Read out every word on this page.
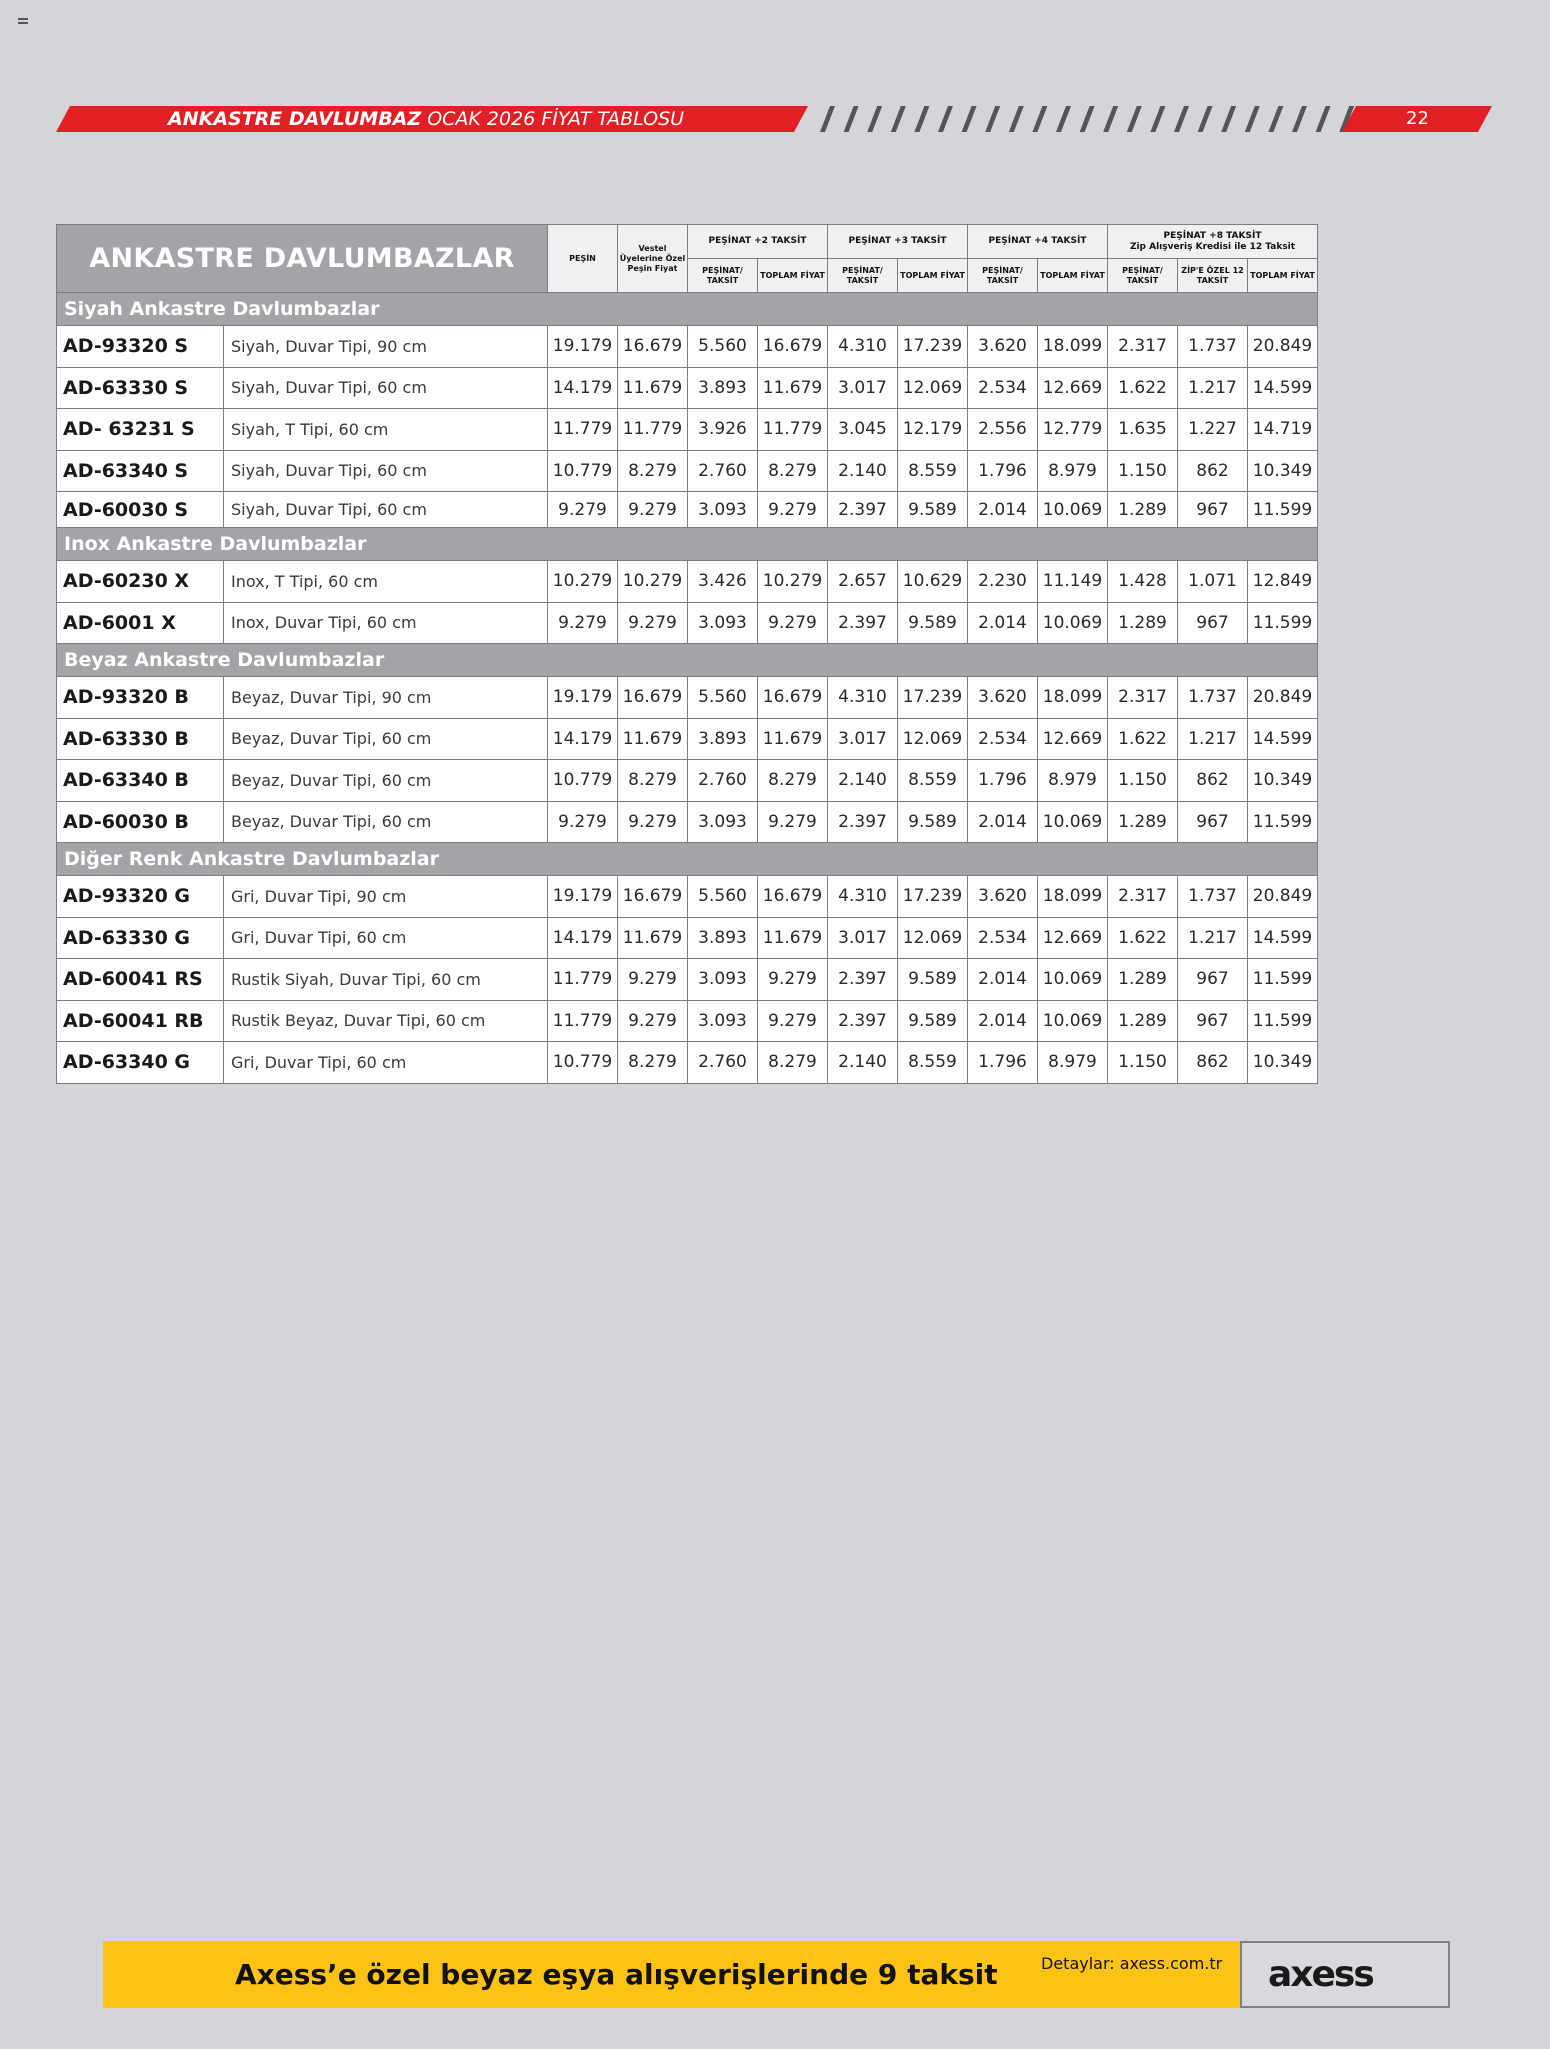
ANKASTRE DAVLUMBAZ OCAK 2026 FİYAT TABLOSU	22
ANKASTRE DAVLUMBAZLAR		PEŞİN	Vestel Üyelerine Özel Peşin Fiyat	PEŞİNAT +2 TAKSİT		PEŞİNAT +3 TAKSİT		PEŞİNAT +4 TAKSİT		PEŞİNAT +8 TAKSİT
Zip Alışveriş Kredisi ile 12 Taksit		

				PEŞİNAT/ TAKSİT	TOPLAM FİYAT	PEŞİNAT/ TAKSİT	TOPLAM FİYAT	PEŞİNAT/ TAKSİT	TOPLAM FİYAT	PEŞİNAT/ TAKSİT	ZİP'E ÖZEL 12 TAKSİT	TOPLAM FİYAT
Siyah Ankastre Davlumbazlar												
AD-93320 S	Siyah, Duvar Tipi, 90 cm	19.179	16.679	5.560	16.679	4.310	17.239	3.620	18.099	2.317	1.737	20.849
AD-63330 S	Siyah, Duvar Tipi, 60 cm	14.179	11.679	3.893	11.679	3.017	12.069	2.534	12.669	1.622	1.217	14.599
AD- 63231 S	Siyah, T Tipi, 60 cm	11.779	11.779	3.926	11.779	3.045	12.179	2.556	12.779	1.635	1.227	14.719
AD-63340 S	Siyah, Duvar Tipi, 60 cm	10.779	8.279	2.760	8.279	2.140	8.559	1.796	8.979	1.150	862	10.349
AD-60030 S	Siyah, Duvar Tipi, 60 cm	9.279	9.279	3.093	9.279	2.397	9.589	2.014	10.069	1.289	967	11.599
Inox Ankastre Davlumbazlar												
AD-60230 X	Inox, T Tipi, 60 cm	10.279	10.279	3.426	10.279	2.657	10.629	2.230	11.149	1.428	1.071	12.849
AD-6001 X	Inox, Duvar Tipi, 60 cm	9.279	9.279	3.093	9.279	2.397	9.589	2.014	10.069	1.289	967	11.599
Beyaz Ankastre Davlumbazlar												
AD-93320 B	Beyaz, Duvar Tipi, 90 cm	19.179	16.679	5.560	16.679	4.310	17.239	3.620	18.099	2.317	1.737	20.849
AD-63330 B	Beyaz, Duvar Tipi, 60 cm	14.179	11.679	3.893	11.679	3.017	12.069	2.534	12.669	1.622	1.217	14.599
AD-63340 B	Beyaz, Duvar Tipi, 60 cm	10.779	8.279	2.760	8.279	2.140	8.559	1.796	8.979	1.150	862	10.349
AD-60030 B	Beyaz, Duvar Tipi, 60 cm	9.279	9.279	3.093	9.279	2.397	9.589	2.014	10.069	1.289	967	11.599
Diğer Renk Ankastre Davlumbazlar												
AD-93320 G	Gri, Duvar Tipi, 90 cm	19.179	16.679	5.560	16.679	4.310	17.239	3.620	18.099	2.317	1.737	20.849
AD-63330 G	Gri, Duvar Tipi, 60 cm	14.179	11.679	3.893	11.679	3.017	12.069	2.534	12.669	1.622	1.217	14.599
AD-60041 RS	Rustik Siyah, Duvar Tipi, 60 cm	11.779	9.279	3.093	9.279	2.397	9.589	2.014	10.069	1.289	967	11.599
AD-60041 RB	Rustik Beyaz, Duvar Tipi, 60 cm	11.779	9.279	3.093	9.279	2.397	9.589	2.014	10.069	1.289	967	11.599
AD-63340 G	Gri, Duvar Tipi, 60 cm	10.779	8.279	2.760	8.279	2.140	8.559	1.796	8.979	1.150	862	10.349
Axess’e özel beyaz eşya alışverişlerinde 9 taksit	Detaylar: axess.com.tr axess
